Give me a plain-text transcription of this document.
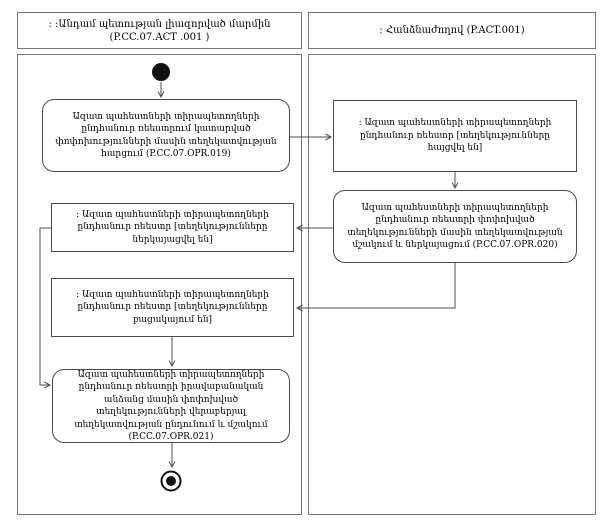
: :Անդամ պետության լիազորված մարմին
(P.CC.07.ACT .001 )
: Հանձնաժողով (P.ACT.001)
Ազատ պահեստների տիրապետողների ընդհանուր ռեեստրում կատարված փոփոխությունների մասին տեղեկատվության հարցում (P.CC.07.OPR.019)
: Ազատ պահեստների տիրապետողների ընդհանուր ռեեստր [տեղեկությունները հայցվել են]
Ազատ պահեստների տիրապետողների ընդհանուր ռեեստրի փոփոխված տեղեկությունների մասին տեղեկատվության մշակում և ներկայացում (P.CC.07.OPR.020)
: Ազատ պահեստների տիրապետողների ընդհանուր ռեեստր [տեղեկությունները ներկայացվել են]
: Ազատ պահեստների տիրապետողների ընդհանուր ռեեստր [տեղեկությունները բացակայում են]
Ազատ պահեստների տիրապետողների ընդհանուր ռեեստրի իրավաբանական անձանց մասին փոփոխված տեղեկությունների վերաբերյալ տեղեկատվության ընդունում և մշակում (P.CC.07.OPR.021)
